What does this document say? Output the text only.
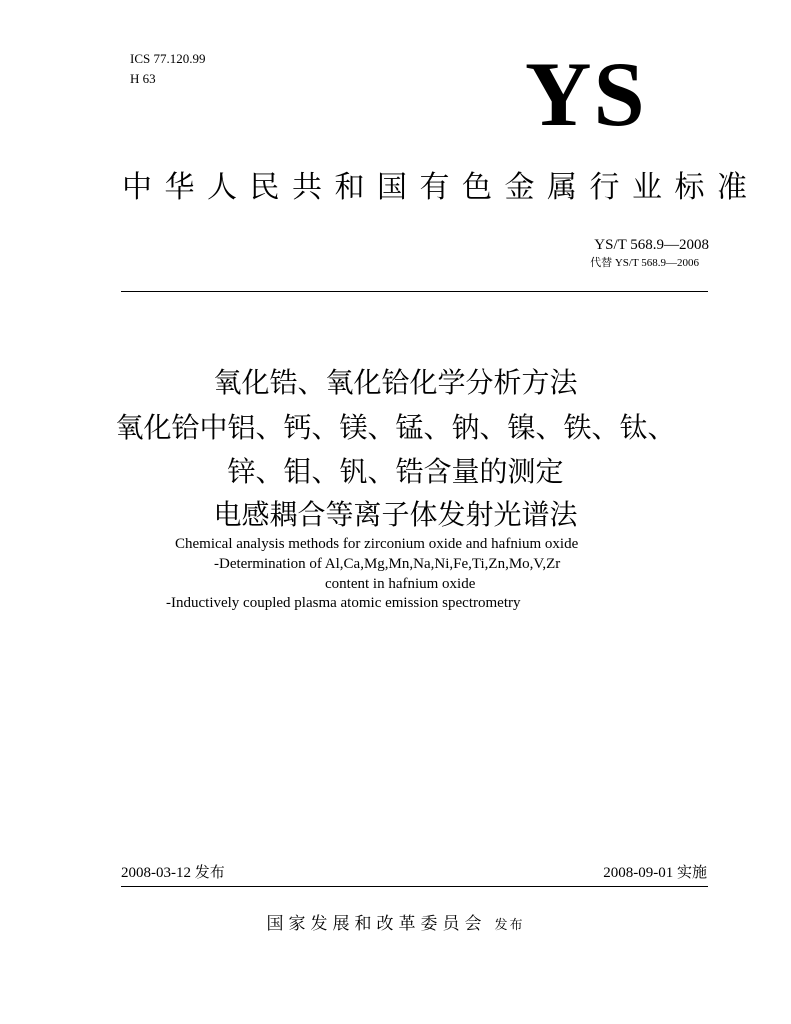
ICS 77.120.99
H 63	YS
中华人民共和国有色金属行业标准
YS/T 568.9—2008
代替 YS/T 568.9—2006
氧化锆、氧化铪化学分析方法
氧化铪中铝、钙、镁、锰、钠、镍、铁、钛、
锌、钼、钒、锆含量的测定
电感耦合等离子体发射光谱法
Chemical analysis methods for zirconium oxide and hafnium oxide
-Determination of Al,Ca,Mg,Mn,Na,Ni,Fe,Ti,Zn,Mo,V,Zr
content in hafnium oxide
-Inductively coupled plasma atomic emission spectrometry
2008-03-12 发布	2008-09-01 实施
国家发展和改革委员会 发布
